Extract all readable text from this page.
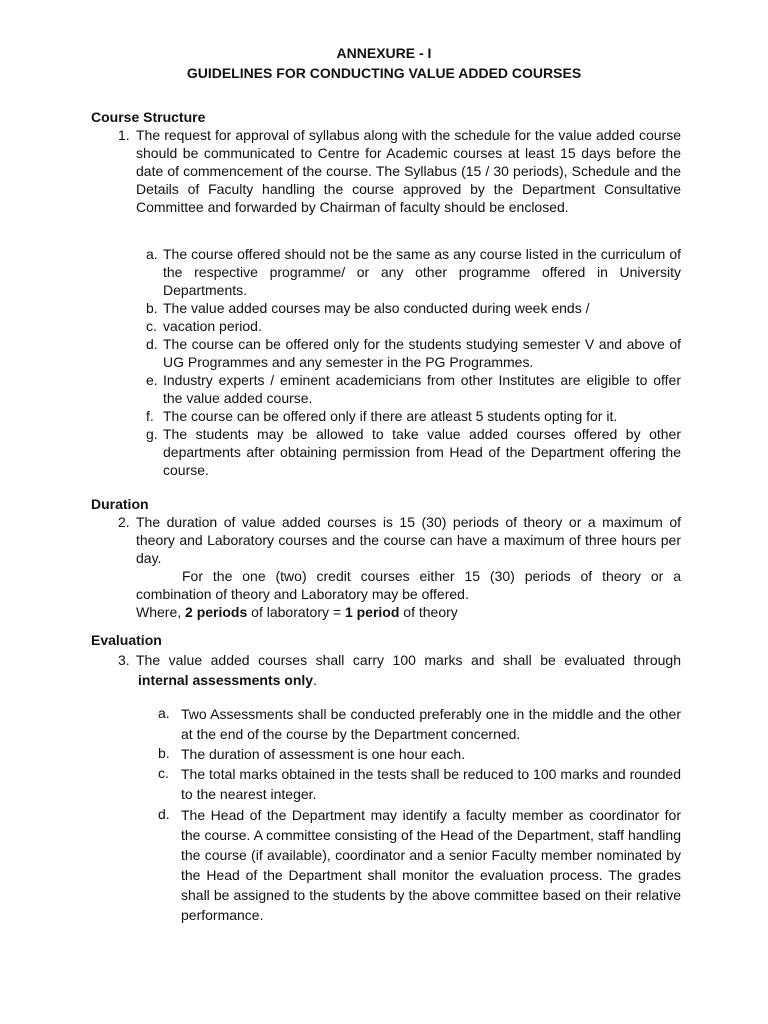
ANNEXURE - I
GUIDELINES FOR CONDUCTING VALUE ADDED COURSES
Course Structure
1. The request for approval of syllabus along with the schedule for the value added course should be communicated to Centre for Academic courses at least 15 days before the date of commencement of the course. The Syllabus (15 / 30 periods), Schedule and the Details of Faculty handling the course approved by the Department Consultative Committee and forwarded by Chairman of faculty should be enclosed.
a. The course offered should not be the same as any course listed in the curriculum of the respective programme/ or any other programme offered in University Departments.
b. The value added courses may be also conducted during week ends /
c. vacation period.
d. The course can be offered only for the students studying semester V and above of UG Programmes and any semester in the PG Programmes.
e. Industry experts / eminent academicians from other Institutes are eligible to offer the value added course.
f. The course can be offered only if there are atleast 5 students opting for it.
g. The students may be allowed to take value added courses offered by other departments after obtaining permission from Head of the Department offering the course.
Duration
2. The duration of value added courses is 15 (30) periods of theory or a maximum of theory and Laboratory courses and the course can have a maximum of three hours per day.
For the one (two) credit courses either 15 (30) periods of theory or a combination of theory and Laboratory may be offered.
Where, 2 periods of laboratory = 1 period of theory
Evaluation
3. The value added courses shall carry 100 marks and shall be evaluated through
internal assessments only.
a. Two Assessments shall be conducted preferably one in the middle and the other at the end of the course by the Department concerned.
b. The duration of assessment is one hour each.
c. The total marks obtained in the tests shall be reduced to 100 marks and rounded to the nearest integer.
d. The Head of the Department may identify a faculty member as coordinator for the course. A committee consisting of the Head of the Department, staff handling the course (if available), coordinator and a senior Faculty member nominated by the Head of the Department shall monitor the evaluation process. The grades shall be assigned to the students by the above committee based on their relative performance.
